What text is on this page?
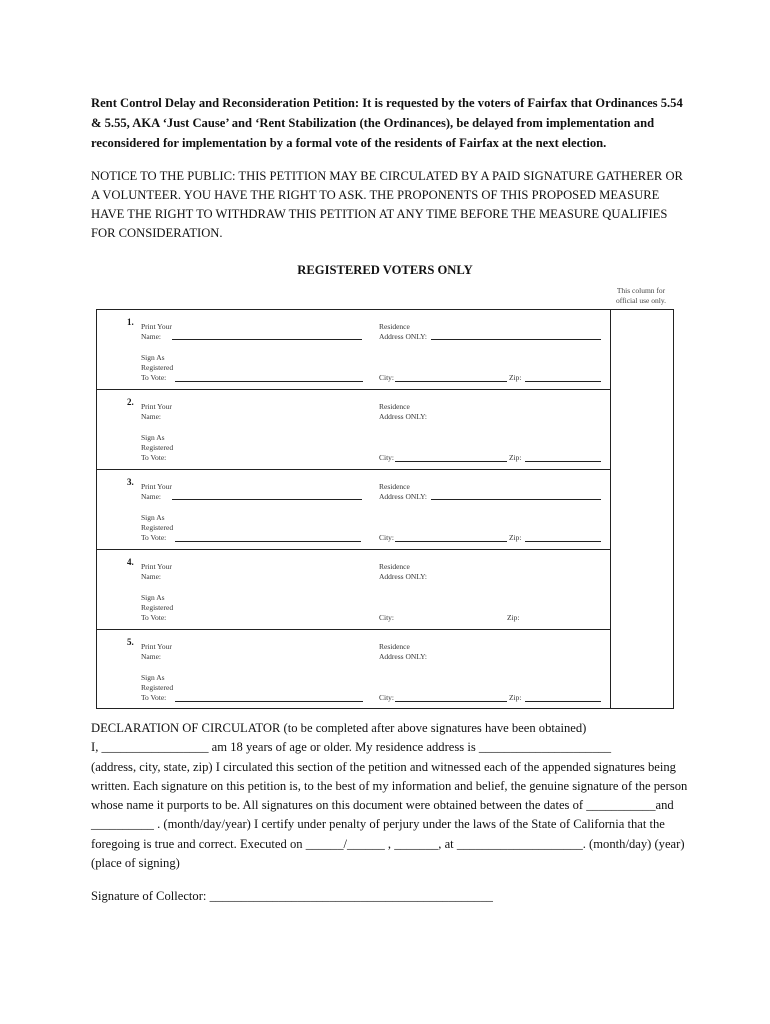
Rent Control Delay and Reconsideration Petition: It is requested by the voters of Fairfax that Ordinances 5.54 & 5.55, AKA ‘Just Cause’ and ‘Rent Stabilization (the Ordinances), be delayed from implementation and reconsidered for implementation by a formal vote of the residents of Fairfax at the next election.
NOTICE TO THE PUBLIC: THIS PETITION MAY BE CIRCULATED BY A PAID SIGNATURE GATHERER OR A VOLUNTEER. YOU HAVE THE RIGHT TO ASK. THE PROPONENTS OF THIS PROPOSED MEASURE HAVE THE RIGHT TO WITHDRAW THIS PETITION AT ANY TIME BEFORE THE MEASURE QUALIFIES FOR CONSIDERATION.
REGISTERED VOTERS ONLY
This column for official use only.
1. Print Your
Name:
Sign As
Registered
To Vote:
Residence
Address ONLY:
City:	Zip:
2. Print Your
Name:
Sign As
Registered
To Vote:
Residence
Address ONLY:
City:	Zip:
3. Print Your
Name:
Sign As
Registered
To Vote:
Residence
Address ONLY:
City:	Zip:
4. Print Your
Name:
Sign As
Registered
To Vote:
Residence
Address ONLY:
City:	Zip:
5. Print Your
Name:
Sign As
Registered
To Vote:
Residence
Address ONLY:
City:	Zip:

DECLARATION OF CIRCULATOR (to be completed after above signatures have been obtained)

I, _________________ am 18 years of age or older. My residence address is _____________________

(address, city, state, zip) I circulated this section of the petition and witnessed each of the appended signatures being written. Each signature on this petition is, to the best of my information and belief, the genuine signature of the person whose name it purports to be. All signatures on this document were obtained between the dates of ___________and __________ . (month/day/year) I certify under penalty of perjury under the laws of the State of California that the foregoing is true and correct. Executed on ______/______ , _______, at ____________________. (month/day) (year) (place of signing)

Signature of Collector: _____________________________________________
